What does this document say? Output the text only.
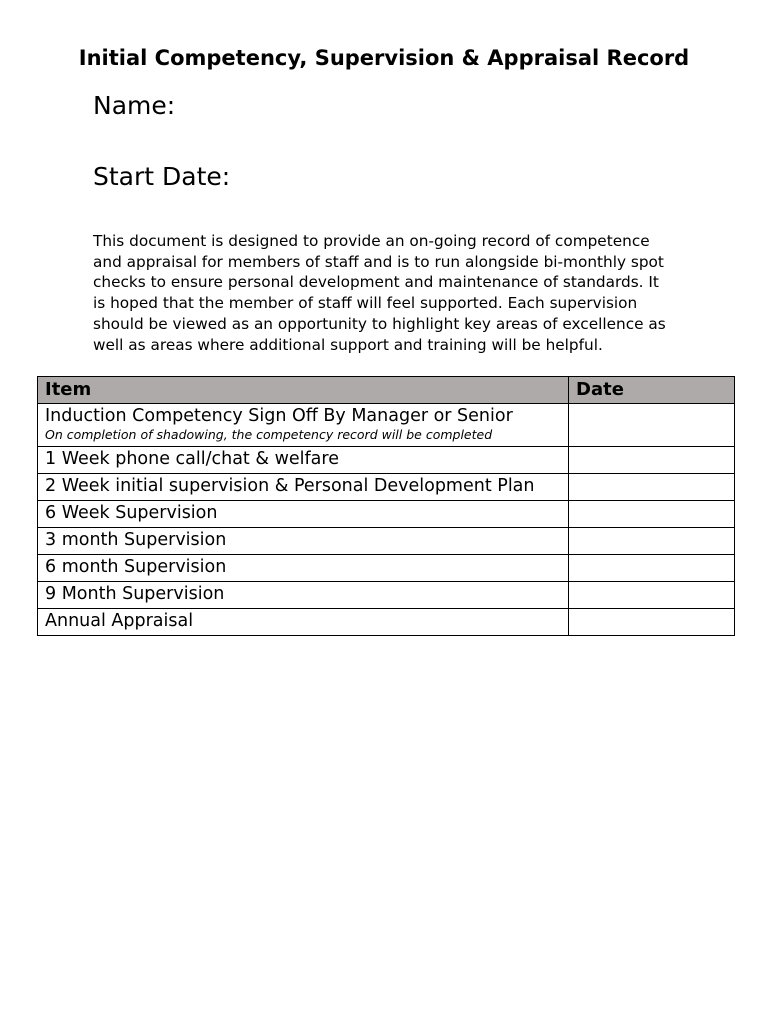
Initial Competency, Supervision & Appraisal Record

Name:

Start Date:

This document is designed to provide an on-going record of competence and appraisal for members of staff and is to run alongside bi-monthly spot checks to ensure personal development and maintenance of standards. It is hoped that the member of staff will feel supported. Each supervision should be viewed as an opportunity to highlight key areas of excellence as well as areas where additional support and training will be helpful.

Item	Date
Induction Competency Sign Off By Manager or Senior
On completion of shadowing, the competency record will be completed	

1 Week phone call/chat & welfare	
2 Week initial supervision & Personal Development Plan	
6 Week Supervision	
3 month Supervision	
6 month Supervision	
9 Month Supervision	
Annual Appraisal	
